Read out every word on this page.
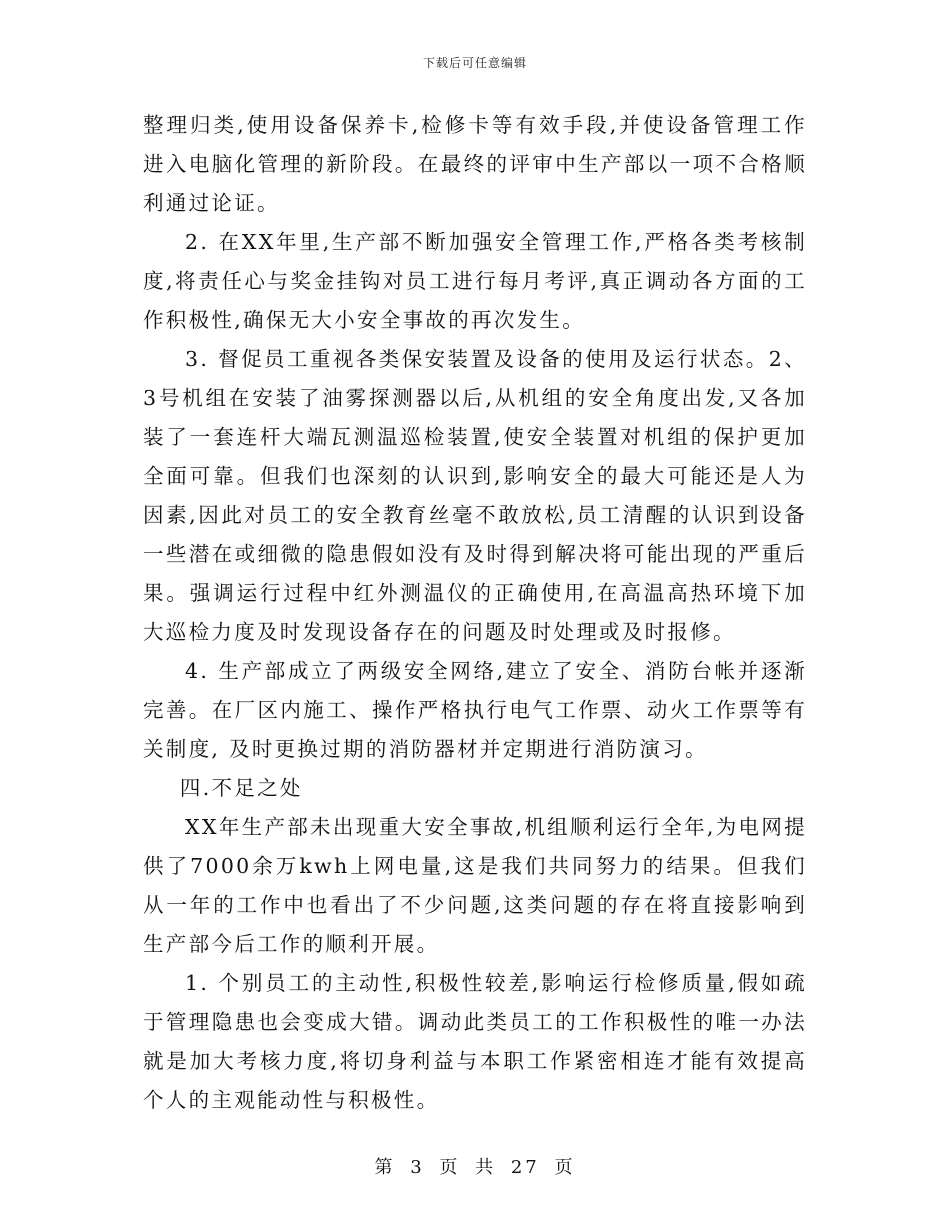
下载后可任意编辑

整理归类,使用设备保养卡,检修卡等有效手段,并使设备管理工作进入电脑化管理的新阶段。在最终的评审中生产部以一项不合格顺利通过论证。

2. 在XX年里,生产部不断加强安全管理工作,严格各类考核制度,将责任心与奖金挂钩对员工进行每月考评,真正调动各方面的工作积极性,确保无大小安全事故的再次发生。

3. 督促员工重视各类保安装置及设备的使用及运行状态。2、3号机组在安装了油雾探测器以后,从机组的安全角度出发,又各加装了一套连杆大端瓦测温巡检装置,使安全装置对机组的保护更加全面可靠。但我们也深刻的认识到,影响安全的最大可能还是人为因素,因此对员工的安全教育丝毫不敢放松,员工清醒的认识到设备一些潜在或细微的隐患假如没有及时得到解决将可能出现的严重后果。强调运行过程中红外测温仪的正确使用,在高温高热环境下加大巡检力度及时发现设备存在的问题及时处理或及时报修。

4. 生产部成立了两级安全网络,建立了安全、消防台帐并逐渐完善。在厂区内施工、操作严格执行电气工作票、动火工作票等有关制度, 及时更换过期的消防器材并定期进行消防演习。

四.不足之处

XX年生产部未出现重大安全事故,机组顺利运行全年,为电网提供了7000余万kwh上网电量,这是我们共同努力的结果。但我们从一年的工作中也看出了不少问题,这类问题的存在将直接影响到生产部今后工作的顺利开展。

1. 个别员工的主动性,积极性较差,影响运行检修质量,假如疏于管理隐患也会变成大错。调动此类员工的工作积极性的唯一办法就是加大考核力度,将切身利益与本职工作紧密相连才能有效提高个人的主观能动性与积极性。

第 3 页 共 27 页
